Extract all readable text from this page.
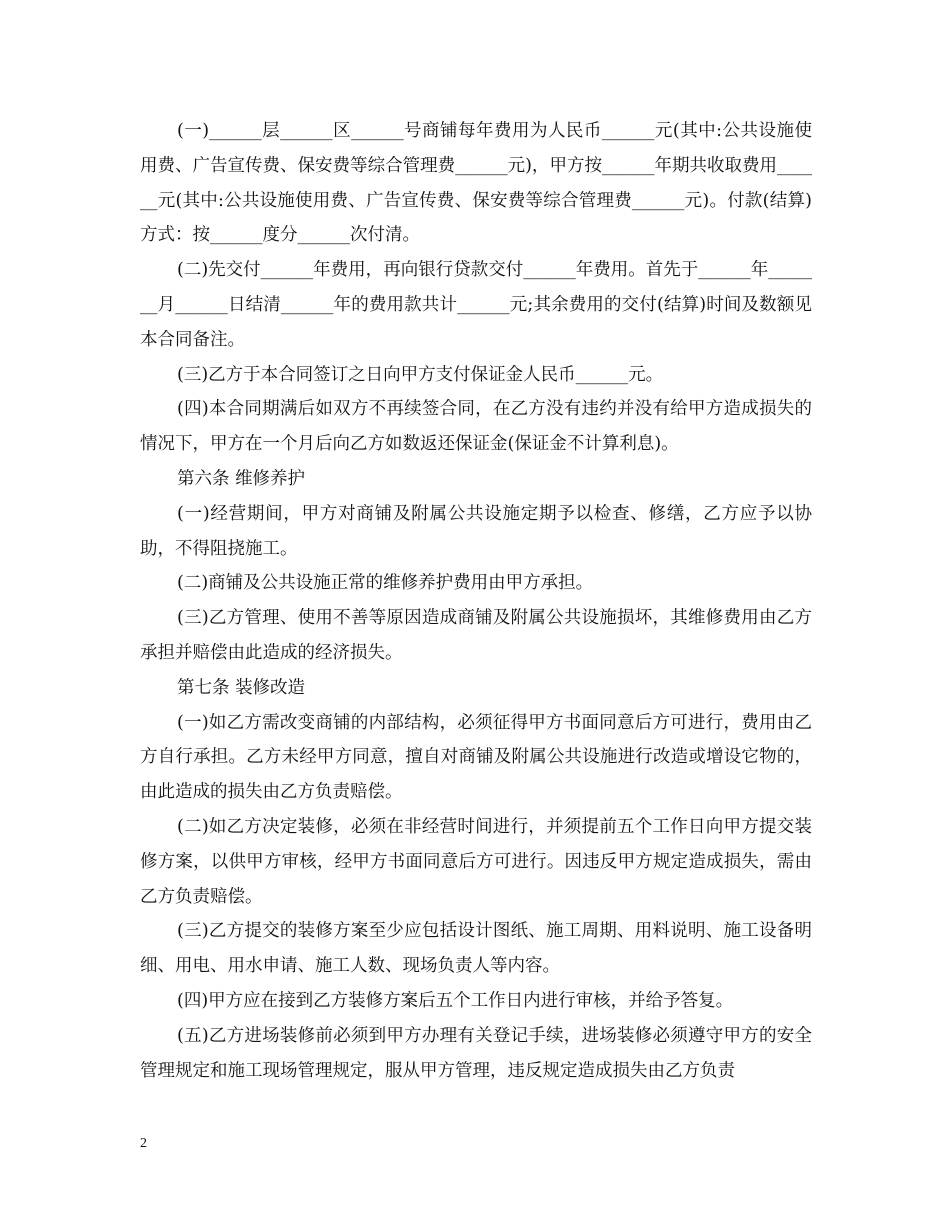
(一)______层______区______号商铺每年费用为人民币______元(其中:公共设施使用费、广告宣传费、保安费等综合管理费______元)，甲方按______年期共收取费用______元(其中:公共设施使用费、广告宣传费、保安费等综合管理费______元)。付款(结算)方式：按______度分______次付清。

(二)先交付______年费用，再向银行贷款交付______年费用。首先于______年_______月______日结清______年的费用款共计______元;其余费用的交付(结算)时间及数额见本合同备注。

(三)乙方于本合同签订之日向甲方支付保证金人民币______元。

(四)本合同期满后如双方不再续签合同，在乙方没有违约并没有给甲方造成损失的情况下，甲方在一个月后向乙方如数返还保证金(保证金不计算利息)。

第六条 维修养护

(一)经营期间，甲方对商铺及附属公共设施定期予以检查、修缮，乙方应予以协助，不得阻挠施工。

(二)商铺及公共设施正常的维修养护费用由甲方承担。

(三)乙方管理、使用不善等原因造成商铺及附属公共设施损坏，其维修费用由乙方承担并赔偿由此造成的经济损失。

第七条 装修改造

(一)如乙方需改变商铺的内部结构，必须征得甲方书面同意后方可进行，费用由乙方自行承担。乙方未经甲方同意，擅自对商铺及附属公共设施进行改造或增设它物的，由此造成的损失由乙方负责赔偿。

(二)如乙方决定装修，必须在非经营时间进行，并须提前五个工作日向甲方提交装修方案，以供甲方审核，经甲方书面同意后方可进行。因违反甲方规定造成损失，需由乙方负责赔偿。

(三)乙方提交的装修方案至少应包括设计图纸、施工周期、用料说明、施工设备明细、用电、用水申请、施工人数、现场负责人等内容。

(四)甲方应在接到乙方装修方案后五个工作日内进行审核，并给予答复。

(五)乙方进场装修前必须到甲方办理有关登记手续，进场装修必须遵守甲方的安全管理规定和施工现场管理规定，服从甲方管理，违反规定造成损失由乙方负责

2
